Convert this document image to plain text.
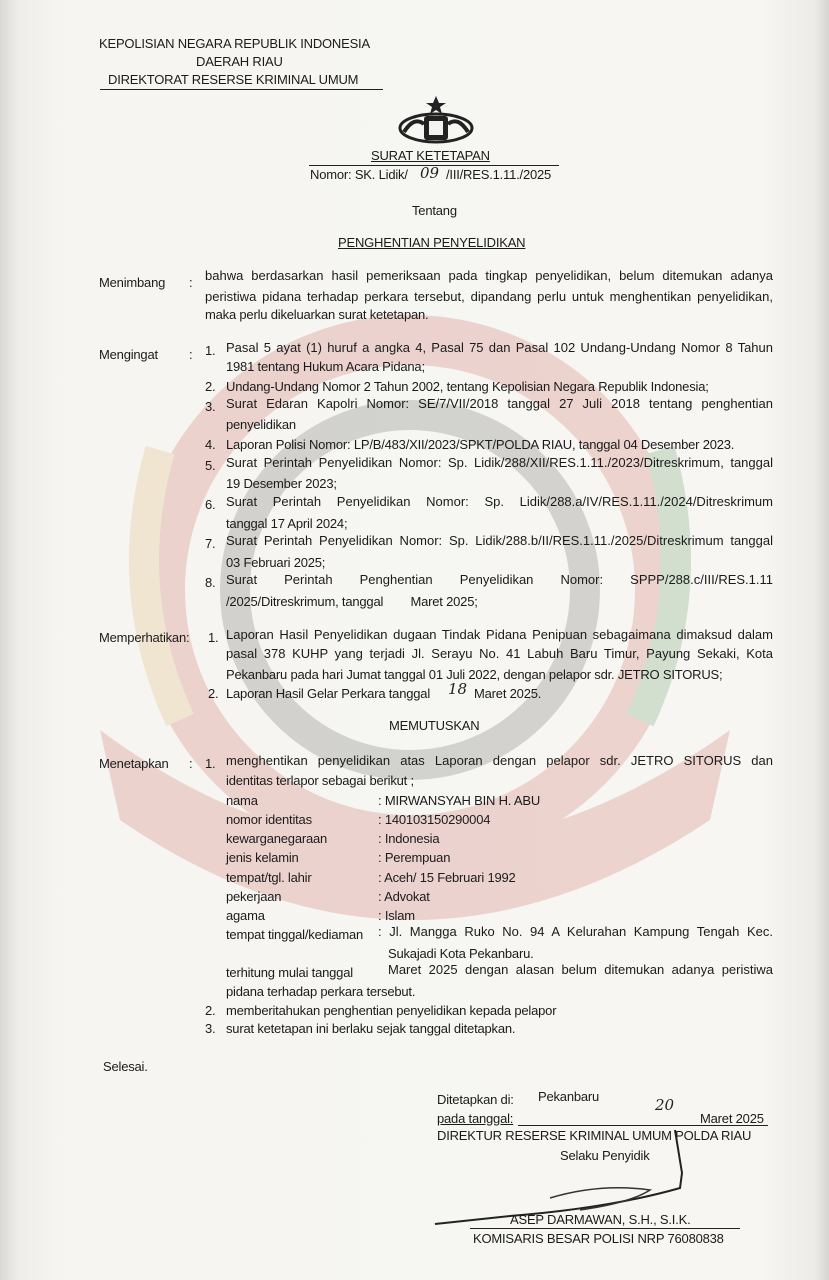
KEPOLISIAN NEGARA REPUBLIK INDONESIA
DAERAH RIAU
DIREKTORAT RESERSE KRIMINAL UMUM
SURAT KETETAPAN
Nomor: SK. Lidik/ 09 /III/RES.1.11./2025
Tentang
PENGHENTIAN PENYELIDIKAN
Menimbang : bahwa berdasarkan hasil pemeriksaan pada tingkap penyelidikan, belum ditemukan adanya
peristiwa pidana terhadap perkara tersebut, dipandang perlu untuk menghentikan penyelidikan,
maka perlu dikeluarkan surat ketetapan.
Mengingat : 1. Pasal 5 ayat (1) huruf a angka 4, Pasal 75 dan Pasal 102 Undang-Undang Nomor 8 Tahun
1981 tentang Hukum Acara Pidana;
2. Undang-Undang Nomor 2 Tahun 2002, tentang Kepolisian Negara Republik Indonesia;
3. Surat Edaran Kapolri Nomor: SE/7/VII/2018 tanggal 27 Juli 2018 tentang penghentian
penyelidikan
4. Laporan Polisi Nomor: LP/B/483/XII/2023/SPKT/POLDA RIAU, tanggal 04 Desember 2023.
5. Surat Perintah Penyelidikan Nomor: Sp. Lidik/288/XII/RES.1.11./2023/Ditreskrimum, tanggal
19 Desember 2023;
6. Surat Perintah Penyelidikan Nomor: Sp. Lidik/288.a/IV/RES.1.11./2024/Ditreskrimum
tanggal 17 April 2024;
7. Surat Perintah Penyelidikan Nomor: Sp. Lidik/288.b/II/RES.1.11./2025/Ditreskrimum tanggal
03 Februari 2025;
8. Surat Perintah Penghentian Penyelidikan Nomor: SPPP/288.c/III/RES.1.11
/2025/Ditreskrimum, tanggal        Maret 2025;
Memperhatikan: 1. Laporan Hasil Penyelidikan dugaan Tindak Pidana Penipuan sebagaimana dimaksud dalam
pasal 378 KUHP yang terjadi Jl. Serayu No. 41 Labuh Baru Timur, Payung Sekaki, Kota
Pekanbaru pada hari Jumat tanggal 01 Juli 2022, dengan pelapor sdr. JETRO SITORUS;
2. Laporan Hasil Gelar Perkara tanggal 18 Maret 2025.
MEMUTUSKAN
Menetapkan : 1. menghentikan penyelidikan atas Laporan dengan pelapor sdr. JETRO SITORUS dan
identitas terlapor sebagai berikut ;
nama	: MIRWANSYAH BIN H. ABU
nomor identitas	: 140103150290004
kewarganegaraan	: Indonesia
jenis kelamin	: Perempuan
tempat/tgl. lahir	: Aceh/ 15 Februari 1992
pekerjaan	: Advokat
agama	: Islam
tempat tinggal/kediaman : Jl. Mangga Ruko No. 94 A Kelurahan Kampung Tengah Kec.
Sukajadi Kota Pekanbaru.
terhitung mulai tanggal	Maret 2025 dengan alasan belum ditemukan adanya peristiwa
pidana terhadap perkara tersebut.
2. memberitahukan penghentian penyelidikan kepada pelapor
3. surat ketetapan ini berlaku sejak tanggal ditetapkan.
Selesai.
Ditetapkan di: Pekanbaru
pada tanggal:
20
Maret 2025
DIREKTUR RESERSE KRIMINAL UMUM POLDA RIAU
Selaku Penyidik
ASEP DARMAWAN, S.H., S.I.K.
KOMISARIS BESAR POLISI NRP 76080838
